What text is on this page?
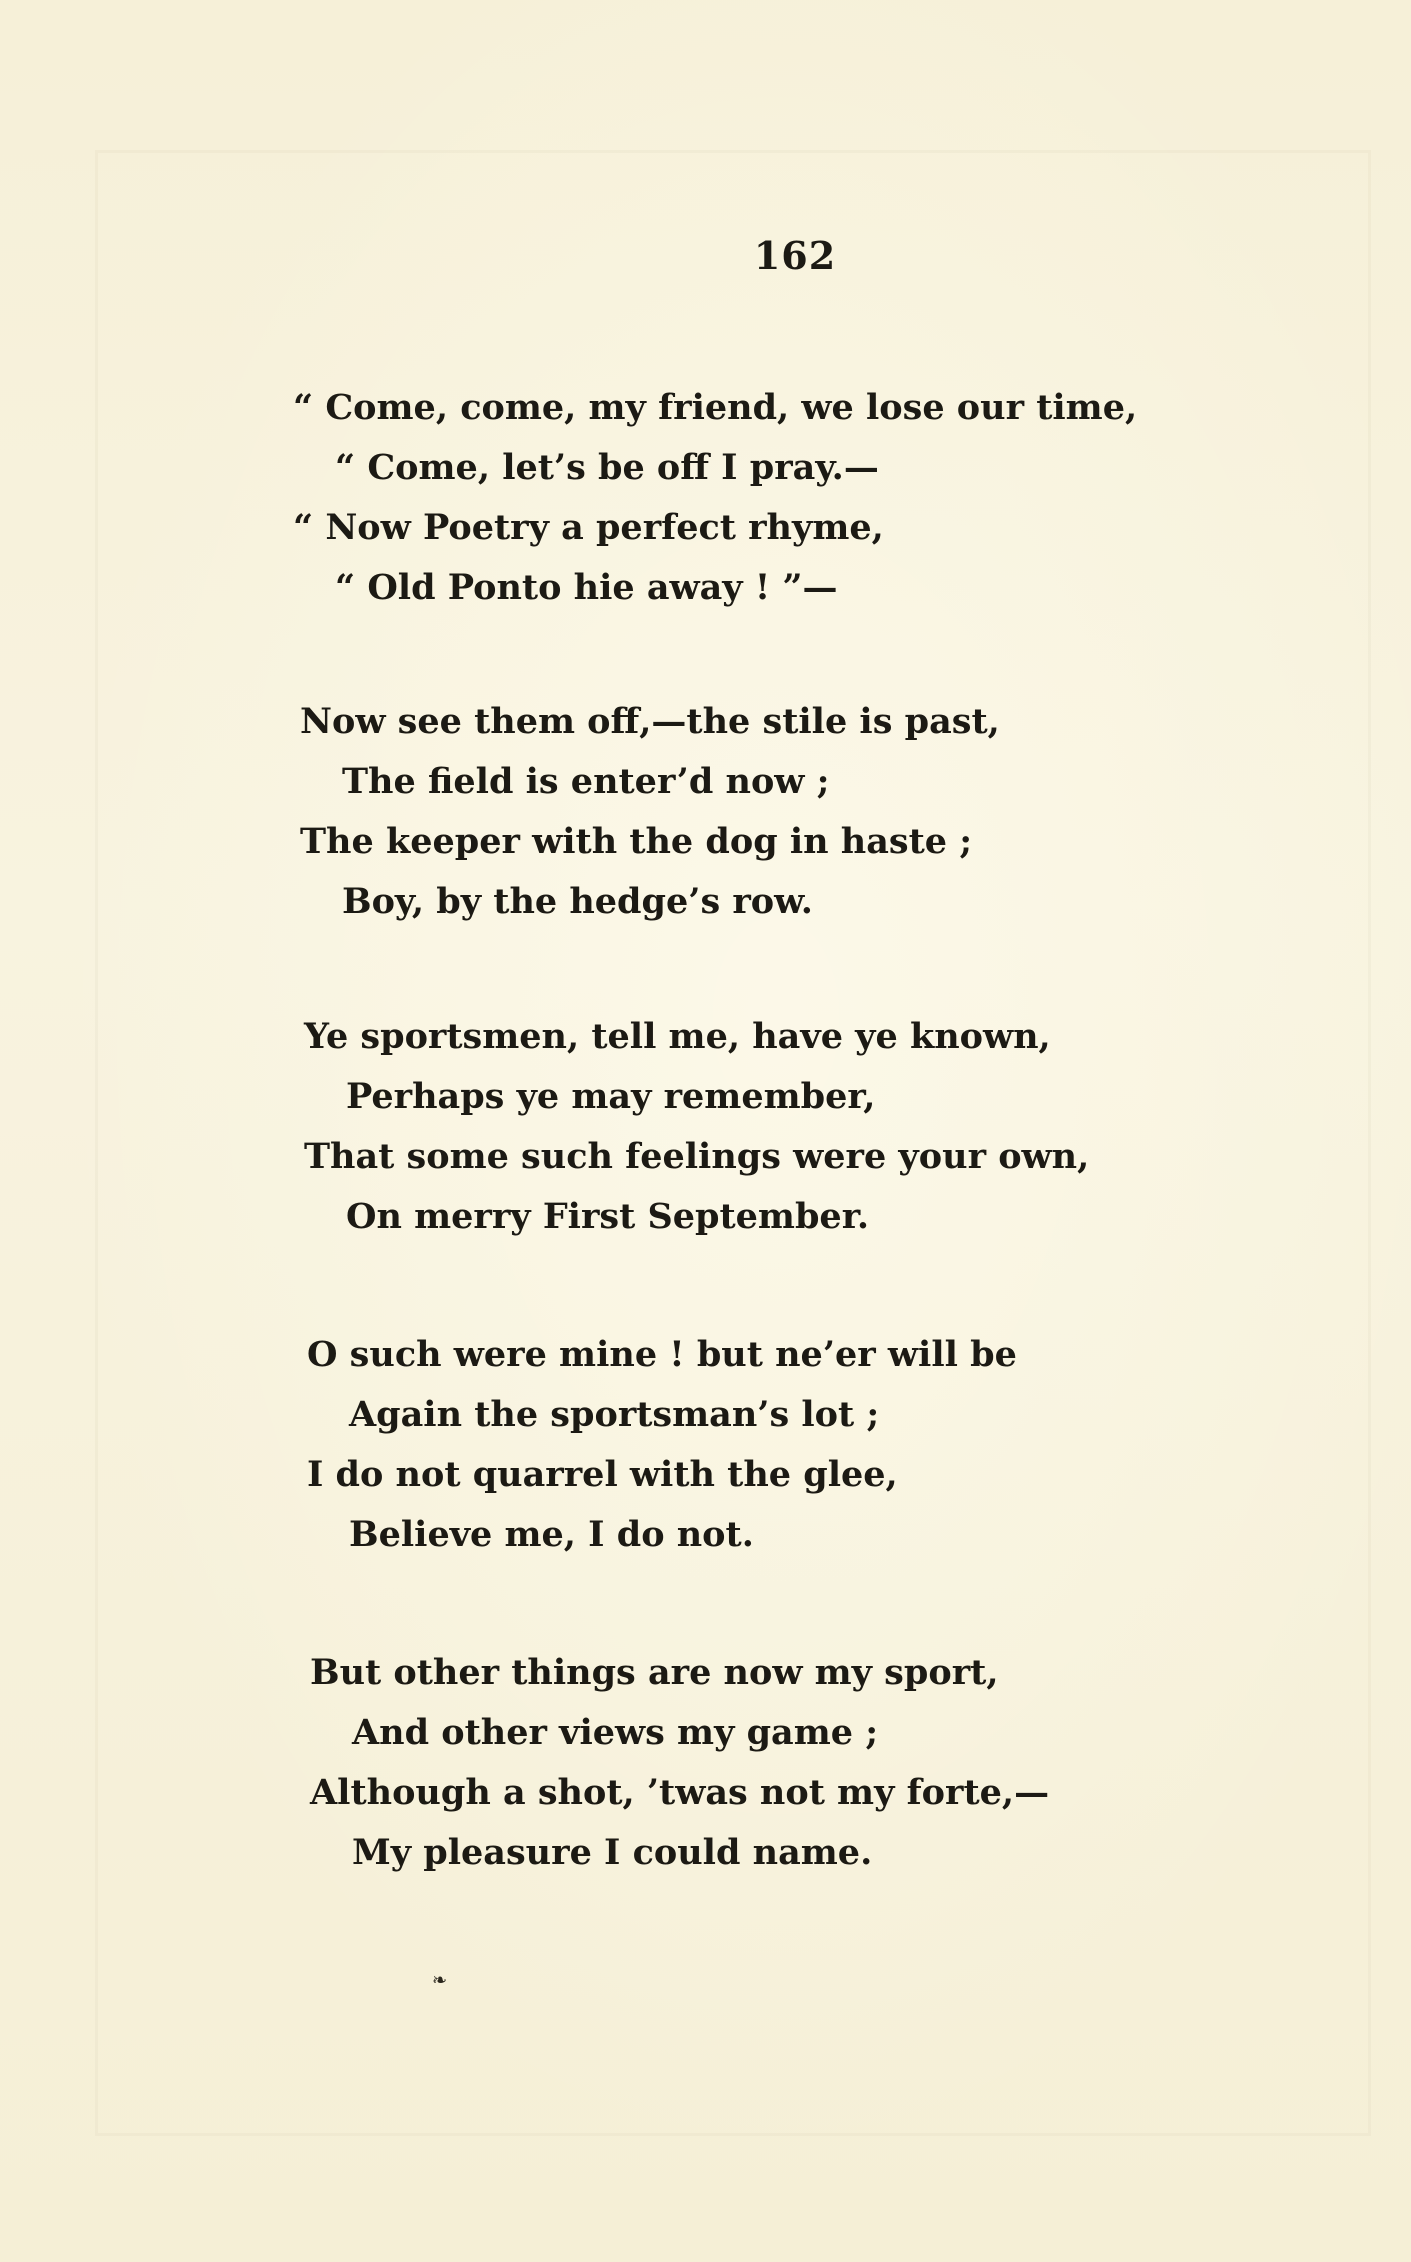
162
“ Come, come, my friend, we lose our time,
“ Come, let’s be off I pray.—
“ Now Poetry a perfect rhyme,
“ Old Ponto hie away ! ”—
Now see them off,—the stile is past,
The field is enter’d now ;
The keeper with the dog in haste ;
Boy, by the hedge’s row.
Ye sportsmen, tell me, have ye known,
Perhaps ye may remember,
That some such feelings were your own,
On merry First September.
O such were mine ! but ne’er will be
Again the sportsman’s lot ;
I do not quarrel with the glee,
Believe me, I do not.
But other things are now my sport,
And other views my game ;
Although a shot, ’twas not my forte,—
My pleasure I could name.
❧
